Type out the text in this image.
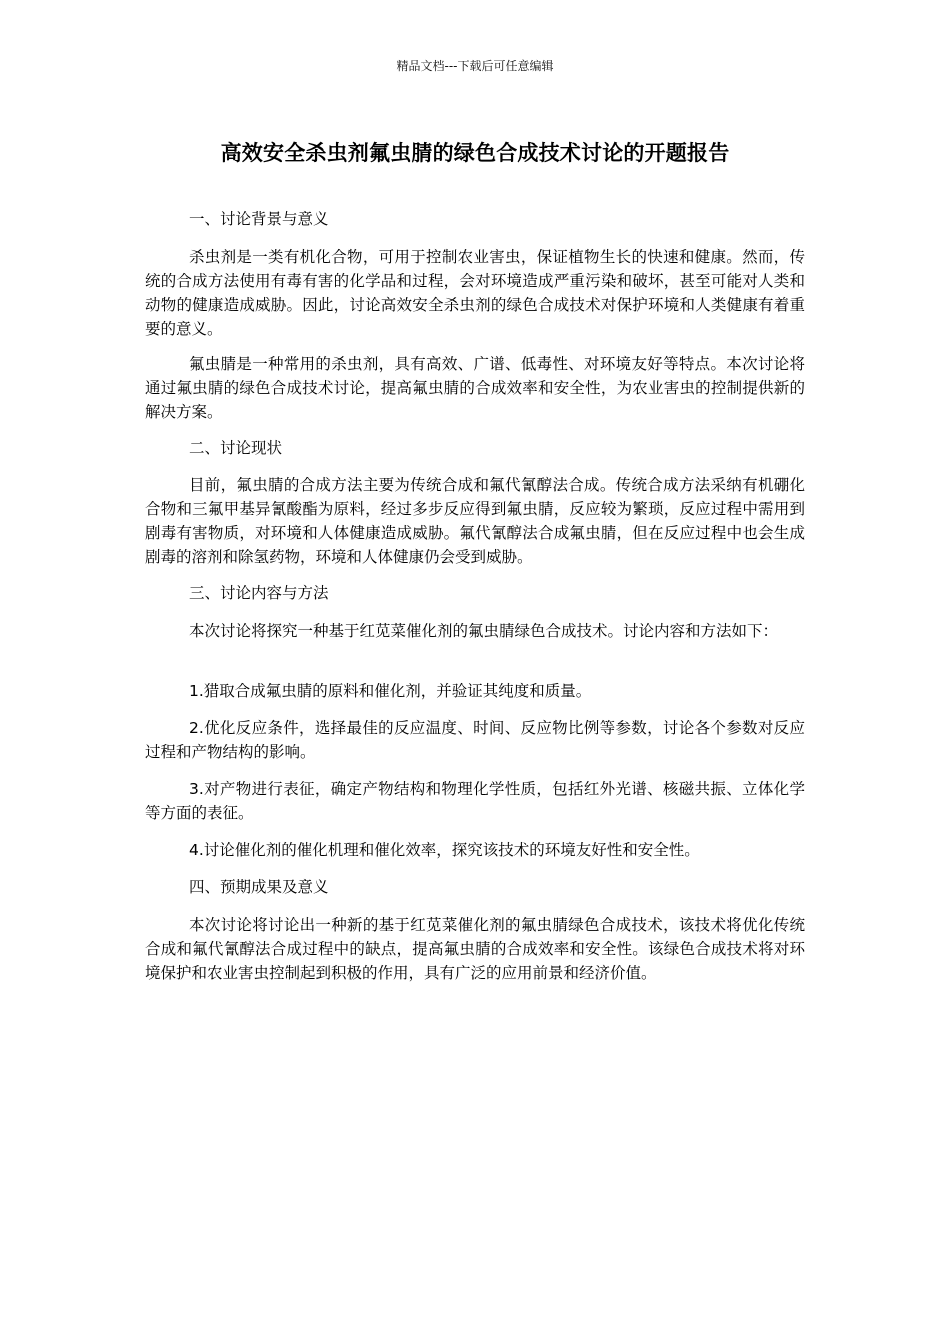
精品文档---下载后可任意编辑
高效安全杀虫剂氟虫腈的绿色合成技术讨论的开题报告

一、讨论背景与意义

杀虫剂是一类有机化合物，可用于控制农业害虫，保证植物生长的快速和健康。然而，传统的合成方法使用有毒有害的化学品和过程，会对环境造成严重污染和破坏，甚至可能对人类和动物的健康造成威胁。因此，讨论高效安全杀虫剂的绿色合成技术对保护环境和人类健康有着重要的意义。

氟虫腈是一种常用的杀虫剂，具有高效、广谱、低毒性、对环境友好等特点。本次讨论将通过氟虫腈的绿色合成技术讨论，提高氟虫腈的合成效率和安全性，为农业害虫的控制提供新的解决方案。

二、讨论现状

目前，氟虫腈的合成方法主要为传统合成和氟代氰醇法合成。传统合成方法采纳有机硼化合物和三氟甲基异氰酸酯为原料，经过多步反应得到氟虫腈，反应较为繁琐，反应过程中需用到剧毒有害物质，对环境和人体健康造成威胁。氟代氰醇法合成氟虫腈，但在反应过程中也会生成剧毒的溶剂和除氢药物，环境和人体健康仍会受到威胁。

三、讨论内容与方法

本次讨论将探究一种基于红苋菜催化剂的氟虫腈绿色合成技术。讨论内容和方法如下：

1.猎取合成氟虫腈的原料和催化剂，并验证其纯度和质量。

2.优化反应条件，选择最佳的反应温度、时间、反应物比例等参数，讨论各个参数对反应过程和产物结构的影响。

3.对产物进行表征，确定产物结构和物理化学性质，包括红外光谱、核磁共振、立体化学等方面的表征。

4.讨论催化剂的催化机理和催化效率，探究该技术的环境友好性和安全性。

四、预期成果及意义

本次讨论将讨论出一种新的基于红苋菜催化剂的氟虫腈绿色合成技术，该技术将优化传统合成和氟代氰醇法合成过程中的缺点，提高氟虫腈的合成效率和安全性。该绿色合成技术将对环境保护和农业害虫控制起到积极的作用，具有广泛的应用前景和经济价值。
